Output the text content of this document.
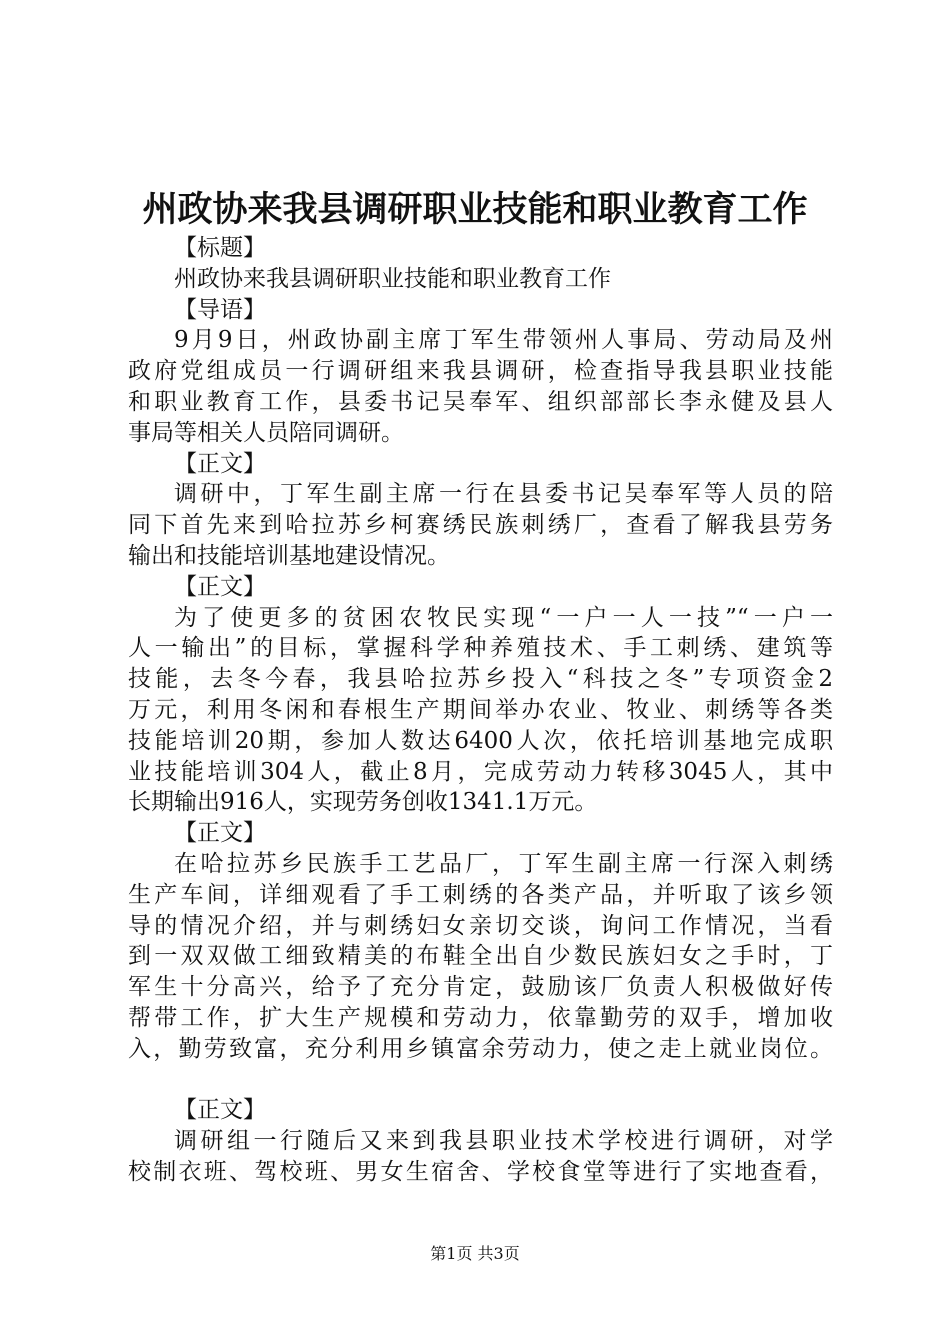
州政协来我县调研职业技能和职业教育工作
【标题】
州政协来我县调研职业技能和职业教育工作
【导语】
9月9日，州政协副主席丁军生带领州人事局、劳动局及州
政府党组成员一行调研组来我县调研，检查指导我县职业技能
和职业教育工作，县委书记吴奉军、组织部部长李永健及县人
事局等相关人员陪同调研。
【正文】
调研中，丁军生副主席一行在县委书记吴奉军等人员的陪
同下首先来到哈拉苏乡柯赛绣民族刺绣厂，查看了解我县劳务
输出和技能培训基地建设情况。
【正文】
为了使更多的贫困农牧民实现“一户一人一技”“一户一
人一输出”的目标，掌握科学种养殖技术、手工刺绣、建筑等
技能，去冬今春，我县哈拉苏乡投入“科技之冬”专项资金2
万元，利用冬闲和春根生产期间举办农业、牧业、刺绣等各类
技能培训20期，参加人数达6400人次，依托培训基地完成职
业技能培训304人，截止8月，完成劳动力转移3045人，其中
长期输出916人，实现劳务创收1341.1万元。
【正文】
在哈拉苏乡民族手工艺品厂，丁军生副主席一行深入刺绣
生产车间，详细观看了手工刺绣的各类产品，并听取了该乡领
导的情况介绍，并与刺绣妇女亲切交谈，询问工作情况，当看
到一双双做工细致精美的布鞋全出自少数民族妇女之手时，丁
军生十分高兴，给予了充分肯定，鼓励该厂负责人积极做好传
帮带工作，扩大生产规模和劳动力，依靠勤劳的双手，增加收
入，勤劳致富，充分利用乡镇富余劳动力，使之走上就业岗位。
【正文】
调研组一行随后又来到我县职业技术学校进行调研，对学
校制衣班、驾校班、男女生宿舍、学校食堂等进行了实地查看，
第1页 共3页
